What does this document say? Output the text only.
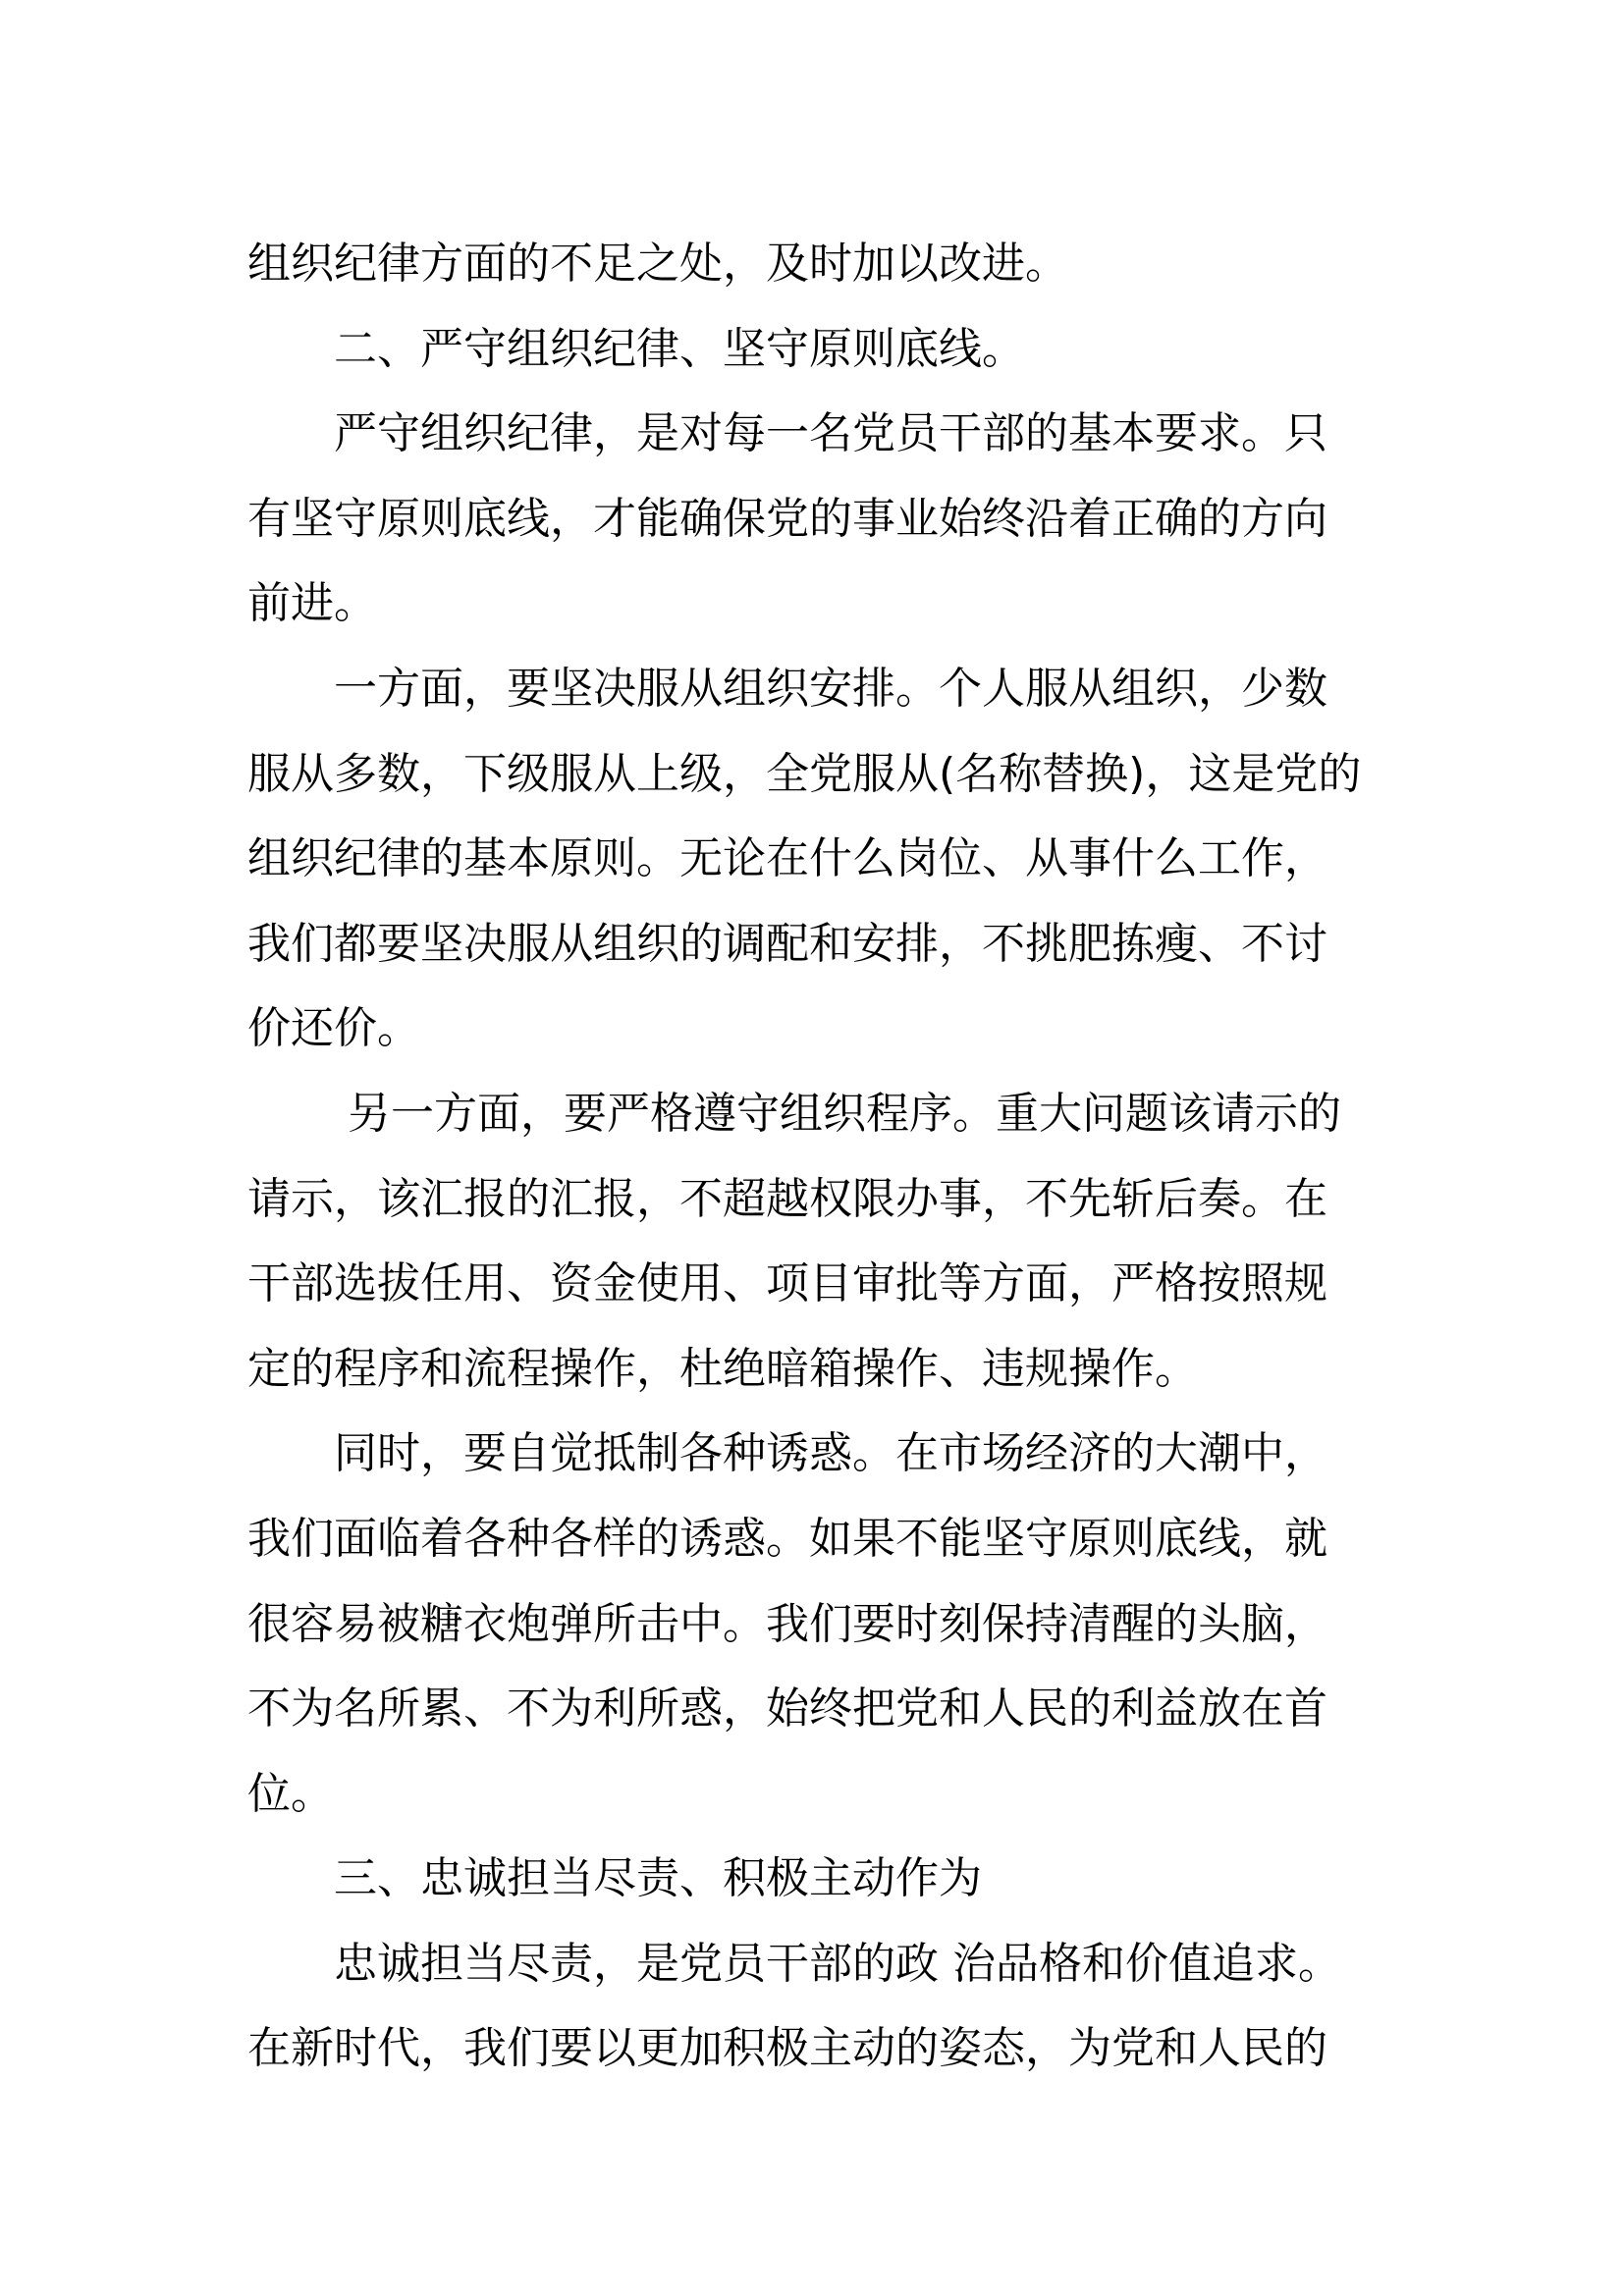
组织纪律方面的不足之处，及时加以改进。
二、严守组织纪律、坚守原则底线。
严守组织纪律，是对每一名党员干部的基本要求。只
有坚守原则底线，才能确保党的事业始终沿着正确的方向
前进。
一方面，要坚决服从组织安排。个人服从组织，少数
服从多数，下级服从上级，全党服从(名称替换)，这是党的
组织纪律的基本原则。无论在什么岗位、从事什么工作，
我们都要坚决服从组织的调配和安排，不挑肥拣瘦、不讨
价还价。
另一方面，要严格遵守组织程序。重大问题该请示的
请示，该汇报的汇报，不超越权限办事，不先斩后奏。在
干部选拔任用、资金使用、项目审批等方面，严格按照规
定的程序和流程操作，杜绝暗箱操作、违规操作。
同时，要自觉抵制各种诱惑。在市场经济的大潮中，
我们面临着各种各样的诱惑。如果不能坚守原则底线，就
很容易被糖衣炮弹所击中。我们要时刻保持清醒的头脑，
不为名所累、不为利所惑，始终把党和人民的利益放在首
位。
三、忠诚担当尽责、积极主动作为
忠诚担当尽责，是党员干部的政 治品格和价值追求。
在新时代，我们要以更加积极主动的姿态，为党和人民的
